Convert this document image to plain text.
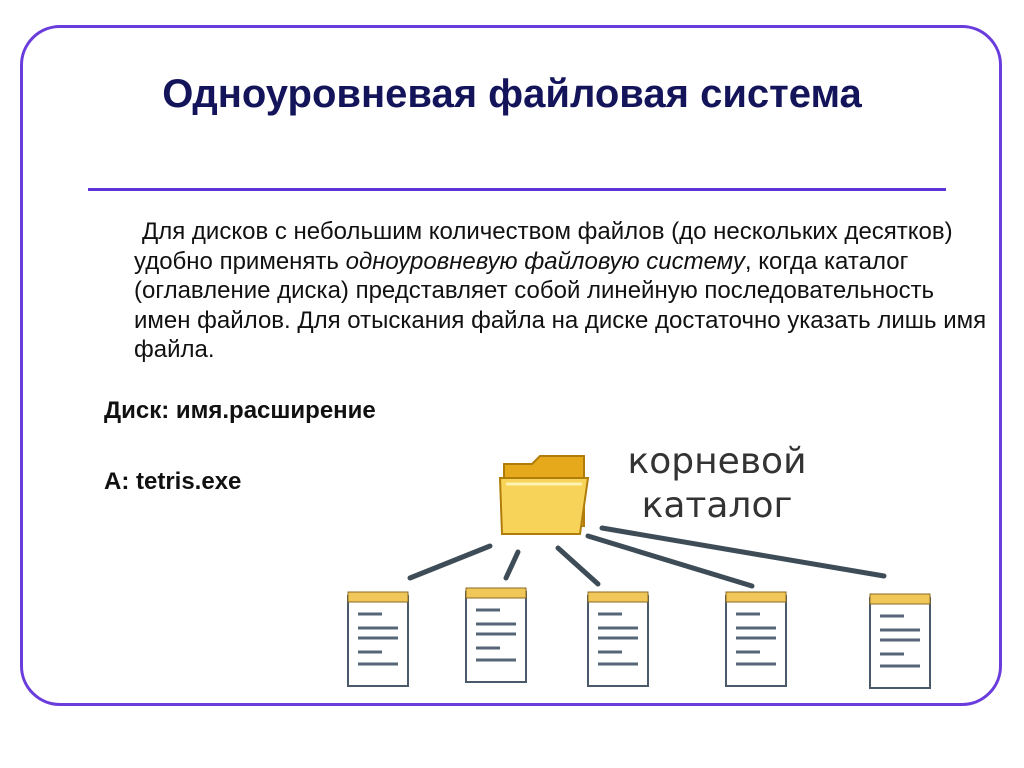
Одноуровневая файловая система

Для дисков с небольшим количеством файлов (до нескольких десятков) удобно применять одноуровневую файловую систему, когда каталог (оглавление диска) представляет собой линейную последовательность имен файлов. Для отыскания файла на диске достаточно указать лишь имя файла.

Диск: имя.расширение

А: tetris.exe	корневой
каталог
